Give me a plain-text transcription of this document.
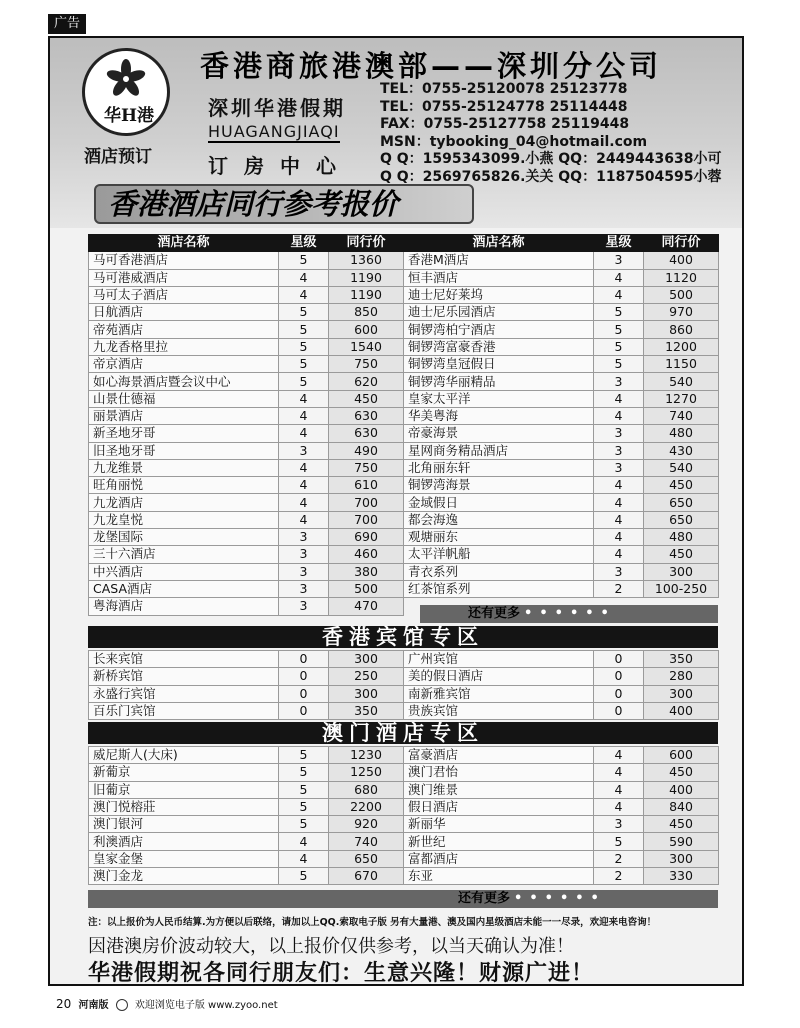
广告
华H港
酒店预订
香港商旅港澳部——深圳分公司
深圳华港假期
HUAGANGJIAQI
订房中心
TEL：0755-25120078 25123778
TEL：0755-25124778 25114448
FAX：0755-25127758 25119448
MSN：tybooking_04@hotmail.com
Q Q：1595343099.小燕 QQ：2449443638小可
Q Q：2569765826.关关 QQ：1187504595小蓉
香港酒店同行参考报价
酒店名称	星级	同行价	酒店名称	星级	同行价
马可香港酒店	5	1360	香港M酒店	3	400
马可港威酒店	4	1190	恒丰酒店	4	1120
马可太子酒店	4	1190	迪士尼好莱坞	4	500
日航酒店	5	850	迪士尼乐园酒店	5	970
帝苑酒店	5	600	铜锣湾柏宁酒店	5	860
九龙香格里拉	5	1540	铜锣湾富豪香港	5	1200
帝京酒店	5	750	铜锣湾皇冠假日	5	1150
如心海景酒店暨会议中心	5	620	铜锣湾华丽精品	3	540
山景仕德福	4	450	皇家太平洋	4	1270
丽景酒店	4	630	华美粤海	4	740
新圣地牙哥	4	630	帝豪海景	3	480
旧圣地牙哥	3	490	星网商务精品酒店	3	430
九龙维景	4	750	北角丽东轩	3	540
旺角丽悦	4	610	铜锣湾海景	4	450
九龙酒店	4	700	金域假日	4	650
九龙皇悦	4	700	都会海逸	4	650
龙堡国际	3	690	观塘丽东	4	480
三十六酒店	3	460	太平洋帆船	4	450
中兴酒店	3	380	青衣系列	3	300
CASA酒店	3	500	红茶馆系列	2	100-250
粤海酒店	3	470			
还有更多 ••••••
香港宾馆专区
长来宾馆	0	300	广州宾馆	0	350
新桥宾馆	0	250	美的假日酒店	0	280
永盛行宾馆	0	300	南新雅宾馆	0	300
百乐门宾馆	0	350	贵族宾馆	0	400
澳门酒店专区
威尼斯人(大床)	5	1230	富豪酒店	4	600
新葡京	5	1250	澳门君怡	4	450
旧葡京	5	680	澳门维景	4	400
澳门悦榕莊	5	2200	假日酒店	4	840
澳门银河	5	920	新丽华	3	450
利澳酒店	4	740	新世纪	5	590
皇家金堡	4	650	富都酒店	2	300
澳门金龙	5	670	东亚	2	330
还有更多 ••••••
注：以上报价为人民币结算.为方便以后联络，请加以上QQ.索取电子版 另有大量港、澳及国内星级酒店未能一一尽录，欢迎来电咨询！
因港澳房价波动较大，以上报价仅供参考，以当天确认为准！
华港假期祝各同行朋友们：生意兴隆！财源广进！
20 河南版	欢迎浏览电子版 www.zyoo.net
